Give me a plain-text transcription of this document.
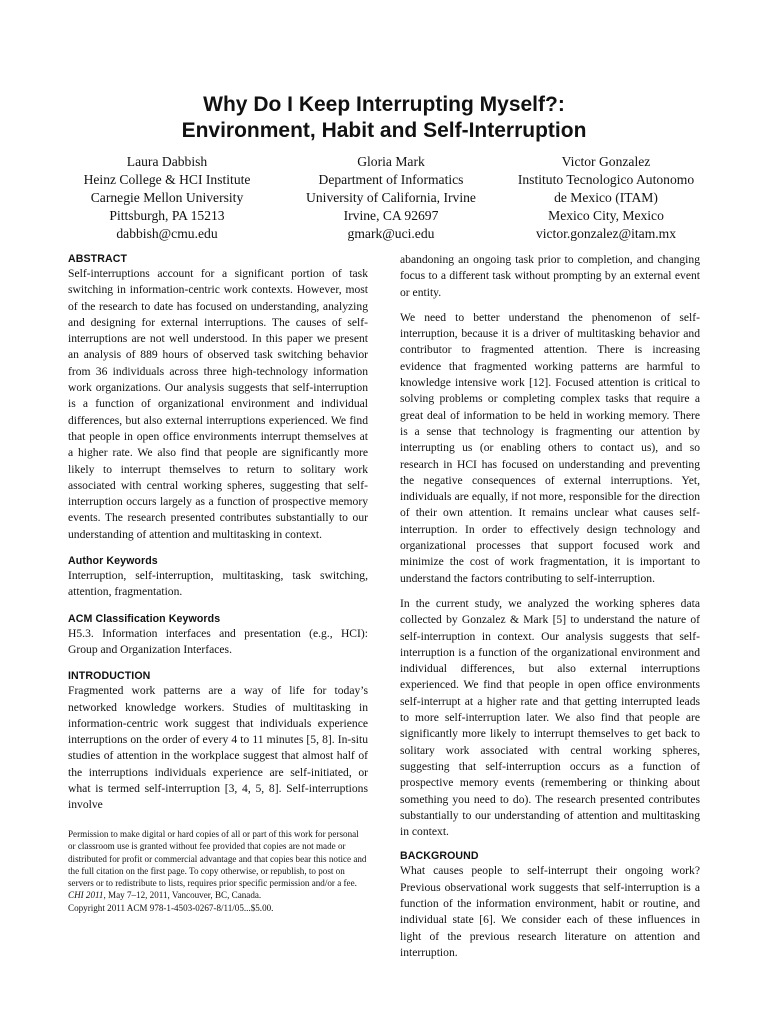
Why Do I Keep Interrupting Myself?:
Environment, Habit and Self-Interruption
Laura Dabbish
Heinz College & HCI Institute
Carnegie Mellon University
Pittsburgh, PA 15213
dabbish@cmu.edu
Gloria Mark
Department of Informatics
University of California, Irvine
Irvine, CA 92697
gmark@uci.edu
Victor Gonzalez
Instituto Tecnologico Autonomo
de Mexico (ITAM)
Mexico City, Mexico
victor.gonzalez@itam.mx
ABSTRACT

Self-interruptions account for a significant portion of task switching in information-centric work contexts. However, most of the research to date has focused on understanding, analyzing and designing for external interruptions. The causes of self-interruptions are not well understood. In this paper we present an analysis of 889 hours of observed task switching behavior from 36 individuals across three high-technology information work organizations. Our analysis suggests that self-interruption is a function of organizational environment and individual differences, but also external interruptions experienced. We find that people in open office environments interrupt themselves at a higher rate. We also find that people are significantly more likely to interrupt themselves to return to solitary work associated with central working spheres, suggesting that self-interruption occurs largely as a function of prospective memory events. The research presented contributes substantially to our understanding of attention and multitasking in context.

Author Keywords

Interruption, self-interruption, multitasking, task switching, attention, fragmentation.

ACM Classification Keywords

H5.3. Information interfaces and presentation (e.g., HCI): Group and Organization Interfaces.

INTRODUCTION

Fragmented work patterns are a way of life for today’s networked knowledge workers. Studies of multitasking in information-centric work suggest that individuals experience interruptions on the order of every 4 to 11 minutes [5, 8]. In-situ studies of attention in the workplace suggest that almost half of the interruptions individuals experience are self-initiated, or what is termed self-interruption [3, 4, 5, 8]. Self-interruptions involve

Permission to make digital or hard copies of all or part of this work for personal or classroom use is granted without fee provided that copies are not made or distributed for profit or commercial advantage and that copies bear this notice and the full citation on the first page. To copy otherwise, or republish, to post on servers or to redistribute to lists, requires prior specific permission and/or a fee.
CHI 2011, May 7–12, 2011, Vancouver, BC, Canada.
Copyright 2011 ACM 978-1-4503-0267-8/11/05...$5.00.

abandoning an ongoing task prior to completion, and changing focus to a different task without prompting by an external event or entity.

We need to better understand the phenomenon of self-interruption, because it is a driver of multitasking behavior and contributor to fragmented attention. There is increasing evidence that fragmented working patterns are harmful to knowledge intensive work [12]. Focused attention is critical to solving problems or completing complex tasks that require a great deal of information to be held in working memory. There is a sense that technology is fragmenting our attention by interrupting us (or enabling others to contact us), and so research in HCI has focused on understanding and preventing the negative consequences of external interruptions. Yet, individuals are equally, if not more, responsible for the direction of their own attention. It remains unclear what causes self-interruption. In order to effectively design technology and organizational processes that support focused work and minimize the cost of work fragmentation, it is important to understand the factors contributing to self-interruption.

In the current study, we analyzed the working spheres data collected by Gonzalez & Mark [5] to understand the nature of self-interruption in context. Our analysis suggests that self-interruption is a function of the organizational environment and individual differences, but also external interruptions experienced. We find that people in open office environments self-interrupt at a higher rate and that getting interrupted leads to more self-interruption later. We also find that people are significantly more likely to interrupt themselves to get back to solitary work associated with central working spheres, suggesting that self-interruption occurs as a function of prospective memory events (remembering or thinking about something you need to do). The research presented contributes substantially to our understanding of attention and multitasking in context.

BACKGROUND

What causes people to self-interrupt their ongoing work? Previous observational work suggests that self-interruption is a function of the information environment, habit or routine, and individual state [6]. We consider each of these influences in light of the previous research literature on attention and interruption.
